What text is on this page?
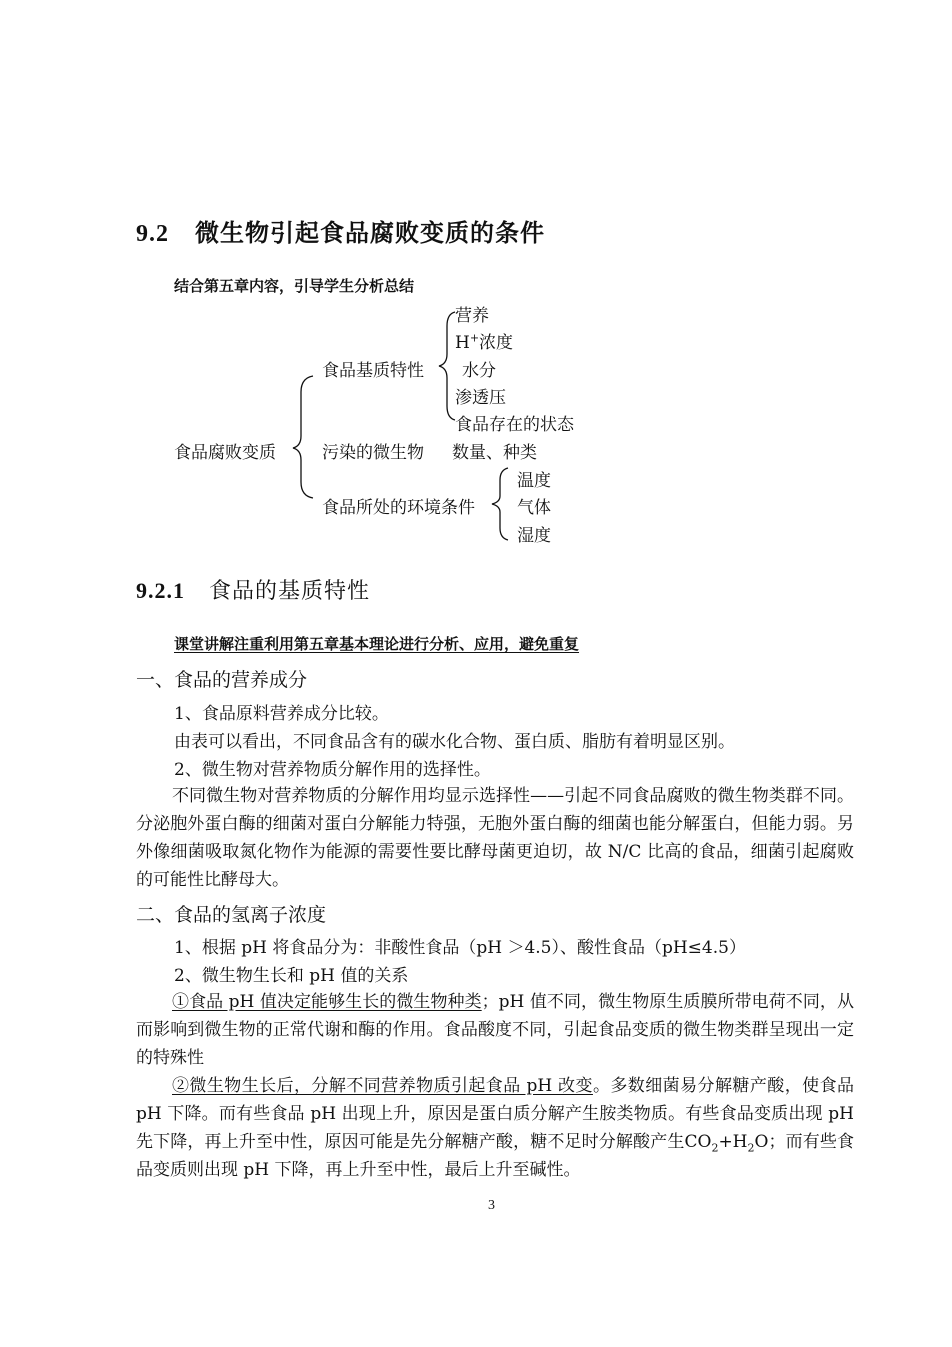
9.2 微生物引起食品腐败变质的条件
结合第五章内容，引导学生分析总结
食品腐败变质
食品基质特性
营养
H+浓度
水分
渗透压
食品存在的状态
污染的微生物 数量、种类
食品所处的环境条件
温度
气体
湿度
9.2.1 食品的基质特性
课堂讲解注重利用第五章基本理论进行分析、应用，避免重复
一、食品的营养成分
1、食品原料营养成分比较。
由表可以看出，不同食品含有的碳水化合物、蛋白质、脂肪有着明显区别。
2、微生物对营养物质分解作用的选择性。
不同微生物对营养物质的分解作用均显示选择性——引起不同食品腐败的微生物类群不同。分泌胞外蛋白酶的细菌对蛋白分解能力特强，无胞外蛋白酶的细菌也能分解蛋白，但能力弱。另外像细菌吸取氮化物作为能源的需要性要比酵母菌更迫切，故 N/C 比高的食品，细菌引起腐败的可能性比酵母大。
二、食品的氢离子浓度
1、根据 pH 将食品分为：非酸性食品（pH ＞4.5）、酸性食品（pH≤4.5）
2、微生物生长和 pH 值的关系
①食品 pH 值决定能够生长的微生物种类；pH 值不同，微生物原生质膜所带电荷不同，从而影响到微生物的正常代谢和酶的作用。食品酸度不同，引起食品变质的微生物类群呈现出一定的特殊性
②微生物生长后，分解不同营养物质引起食品 pH 改变。多数细菌易分解糖产酸，使食品 pH 下降。而有些食品 pH 出现上升，原因是蛋白质分解产生胺类物质。有些食品变质出现 pH 先下降，再上升至中性，原因可能是先分解糖产酸，糖不足时分解酸产生$CO_2+H_2O$；而有些食品变质则出现 pH 下降，再上升至中性，最后上升至碱性。
3
